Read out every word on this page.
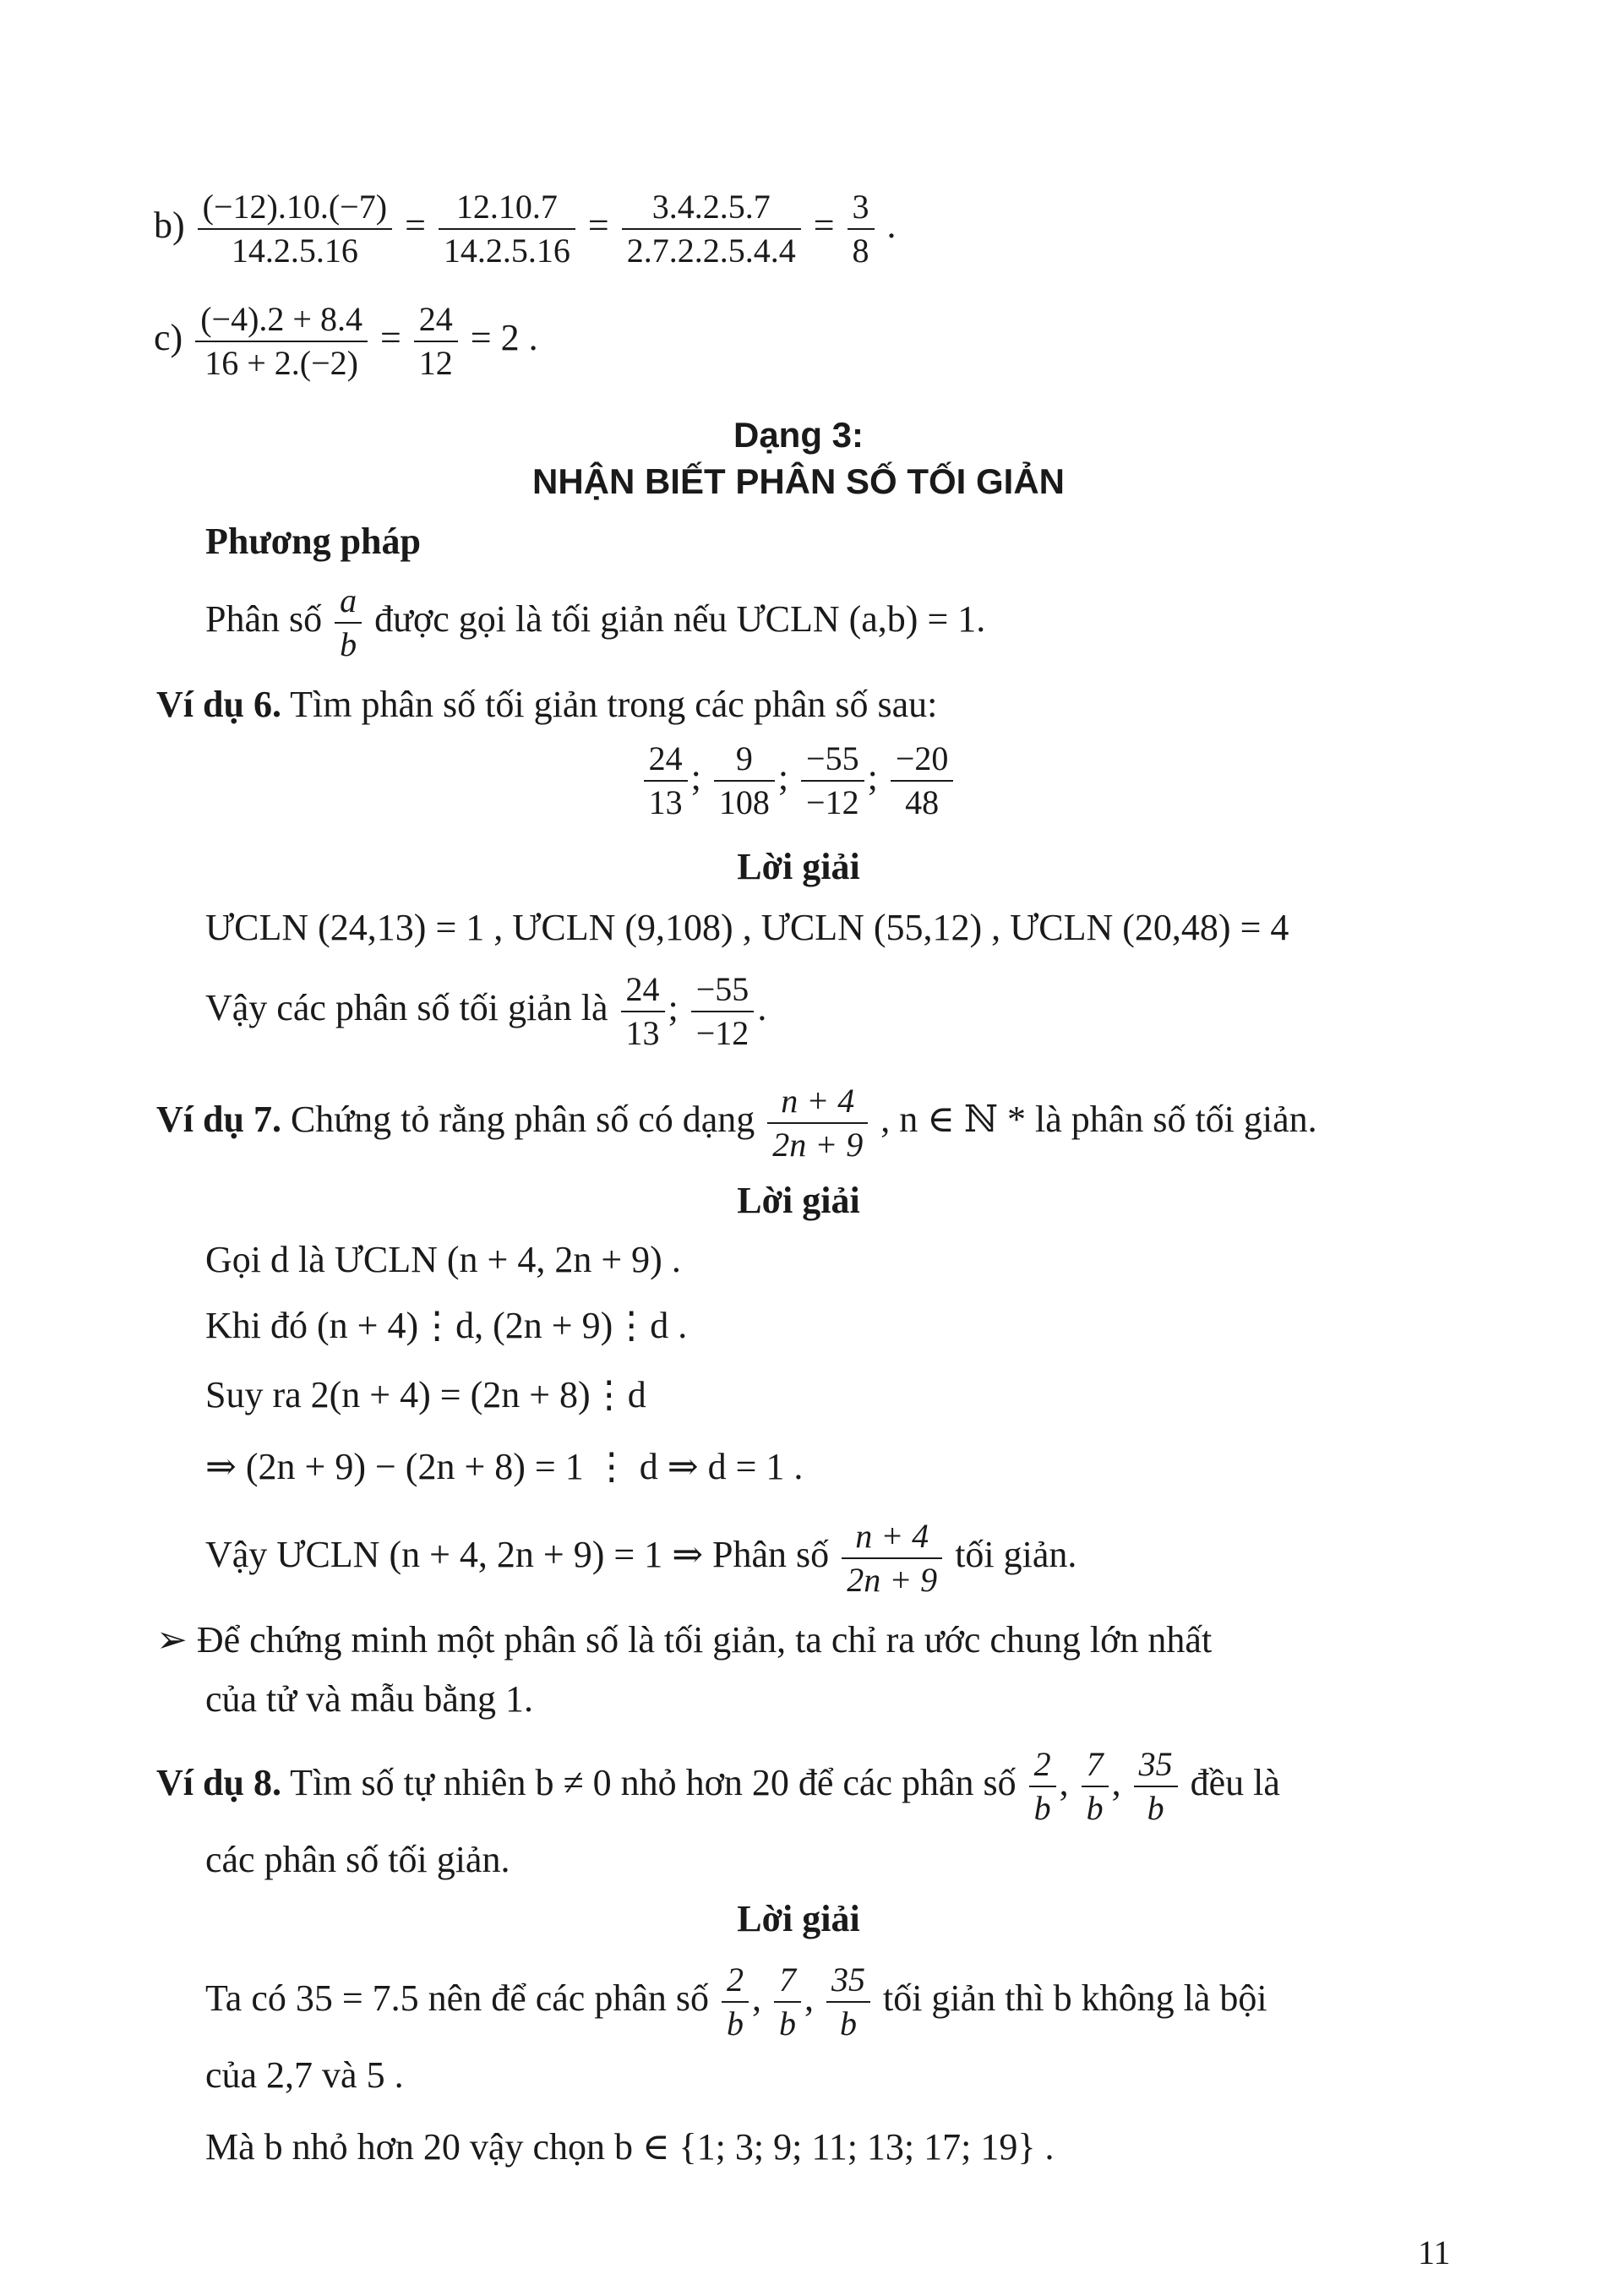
$b) \frac{(-12).10.(-7)}{14.2.5.16} = \frac{12.10.7}{14.2.5.16} = \frac{3.4.2.5.7}{2.7.2.2.5.4.4} = \frac{3}{8}$ .
$c) \frac{(-4).2 + 8.4}{16 + 2.(-2)} = \frac{24}{12} = 2$ .
Dạng 3:
NHẬN BIẾT PHÂN SỐ TỐI GIẢN
Phương pháp
Phân số $\frac{a}{b}$ được gọi là tối giản nếu ƯCLN (a,b) = 1.
Ví dụ 6. Tìm phân số tối giản trong các phân số sau:
$\frac{24}{13}$ ; $\frac{9}{108}$ ; $\frac{-55}{-12}$ ; $\frac{-20}{48}$
Lời giải
ƯCLN (24,13) = 1 , ƯCLN (9,108) , ƯCLN (55,12) , ƯCLN (20,48) = 4
Vậy các phân số tối giản là $\frac{24}{13}$ ; $\frac{-55}{-12}$ .
Ví dụ 7. Chứng tỏ rằng phân số có dạng $\frac{n + 4}{2n + 9}$ , n ∈ ℕ * là phân số tối giản.
Lời giải
Gọi d là ƯCLN (n + 4, 2n + 9) .
Khi đó (n + 4)⋮d, (2n + 9)⋮d .
Suy ra 2(n + 4) = (2n + 8)⋮d
⇒ (2n + 9) − (2n + 8) = 1 ⋮ d ⇒ d = 1 .
Vậy ƯCLN (n + 4, 2n + 9) = 1 ⇒ Phân số $\frac{n + 4}{2n + 9}$ tối giản.
➢ Để chứng minh một phân số là tối giản, ta chỉ ra ước chung lớn nhất
của tử và mẫu bằng 1.
Ví dụ 8. Tìm số tự nhiên b ≠ 0 nhỏ hơn 20 để các phân số $\frac{2}{b}$ , $\frac{7}{b}$ , $\frac{35}{b}$ đều là
các phân số tối giản.
Lời giải
Ta có 35 = 7.5 nên để các phân số $\frac{2}{b}$ , $\frac{7}{b}$ , $\frac{35}{b}$ tối giản thì b không là bội
của 2,7 và 5 .
Mà b nhỏ hơn 20 vậy chọn b ∈ {1; 3; 9; 11; 13; 17; 19} .
11
